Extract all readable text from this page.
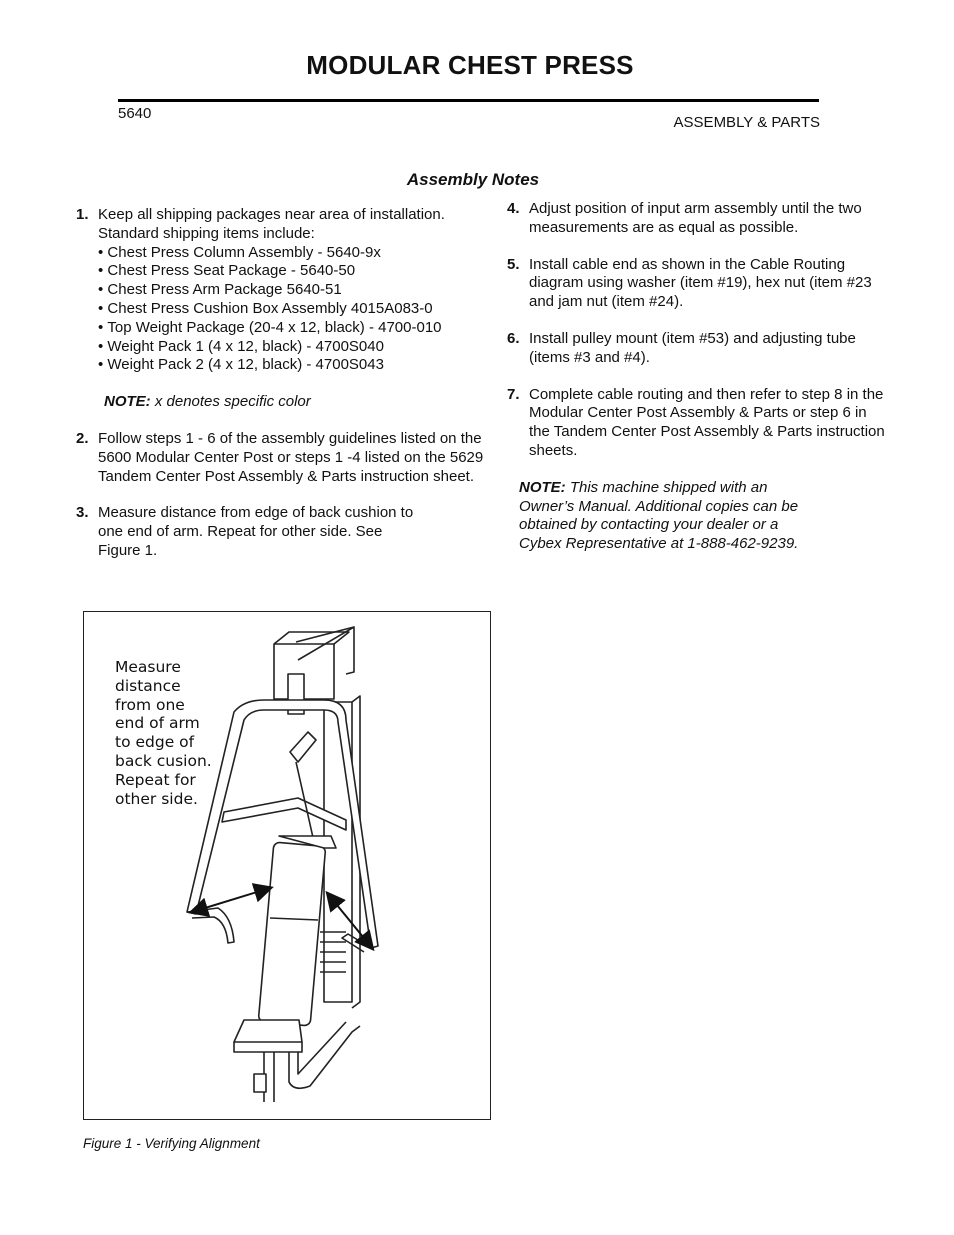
MODULAR CHEST PRESS
5640
ASSEMBLY & PARTS
Assembly Notes
1. Keep all shipping packages near area of installation.

Standard shipping items include:

• Chest Press Column Assembly - 5640-9x
• Chest Press Seat Package - 5640-50
• Chest Press Arm Package 5640-51
• Chest Press Cushion Box Assembly 4015A083-0
• Top Weight Package (20-4 x 12, black) - 4700-010
• Weight Pack 1 (4 x 12, black) - 4700S040
• Weight Pack 2 (4 x 12, black) - 4700S043

NOTE: x denotes specific color

2. Follow steps 1 - 6 of the assembly guidelines listed on the 5600 Modular Center Post or steps 1 -4 listed on the 5629 Tandem Center Post Assembly & Parts instruction sheet.

3. Measure distance from edge of back cushion to one end of arm. Repeat for other side. See Figure 1.

4. Adjust position of input arm assembly until the two measurements are as equal as possible.

5. Install cable end as shown in the Cable Routing diagram using washer (item #19), hex nut (item #23 and jam nut (item #24).

6. Install pulley mount (item #53) and adjusting tube (items #3 and #4).

7. Complete cable routing and then refer to step 8 in the Modular Center Post Assembly & Parts or step 6 in the Tandem Center Post Assembly & Parts instruction sheets.

NOTE: This machine shipped with an Owner’s Manual. Additional copies can be obtained by contacting your dealer or a Cybex Representative at 1-888-462-9239.

Measure
distance
from one
end of arm
to edge of
back cusion.
Repeat for
other side.
Figure 1 - Verifying Alignment
